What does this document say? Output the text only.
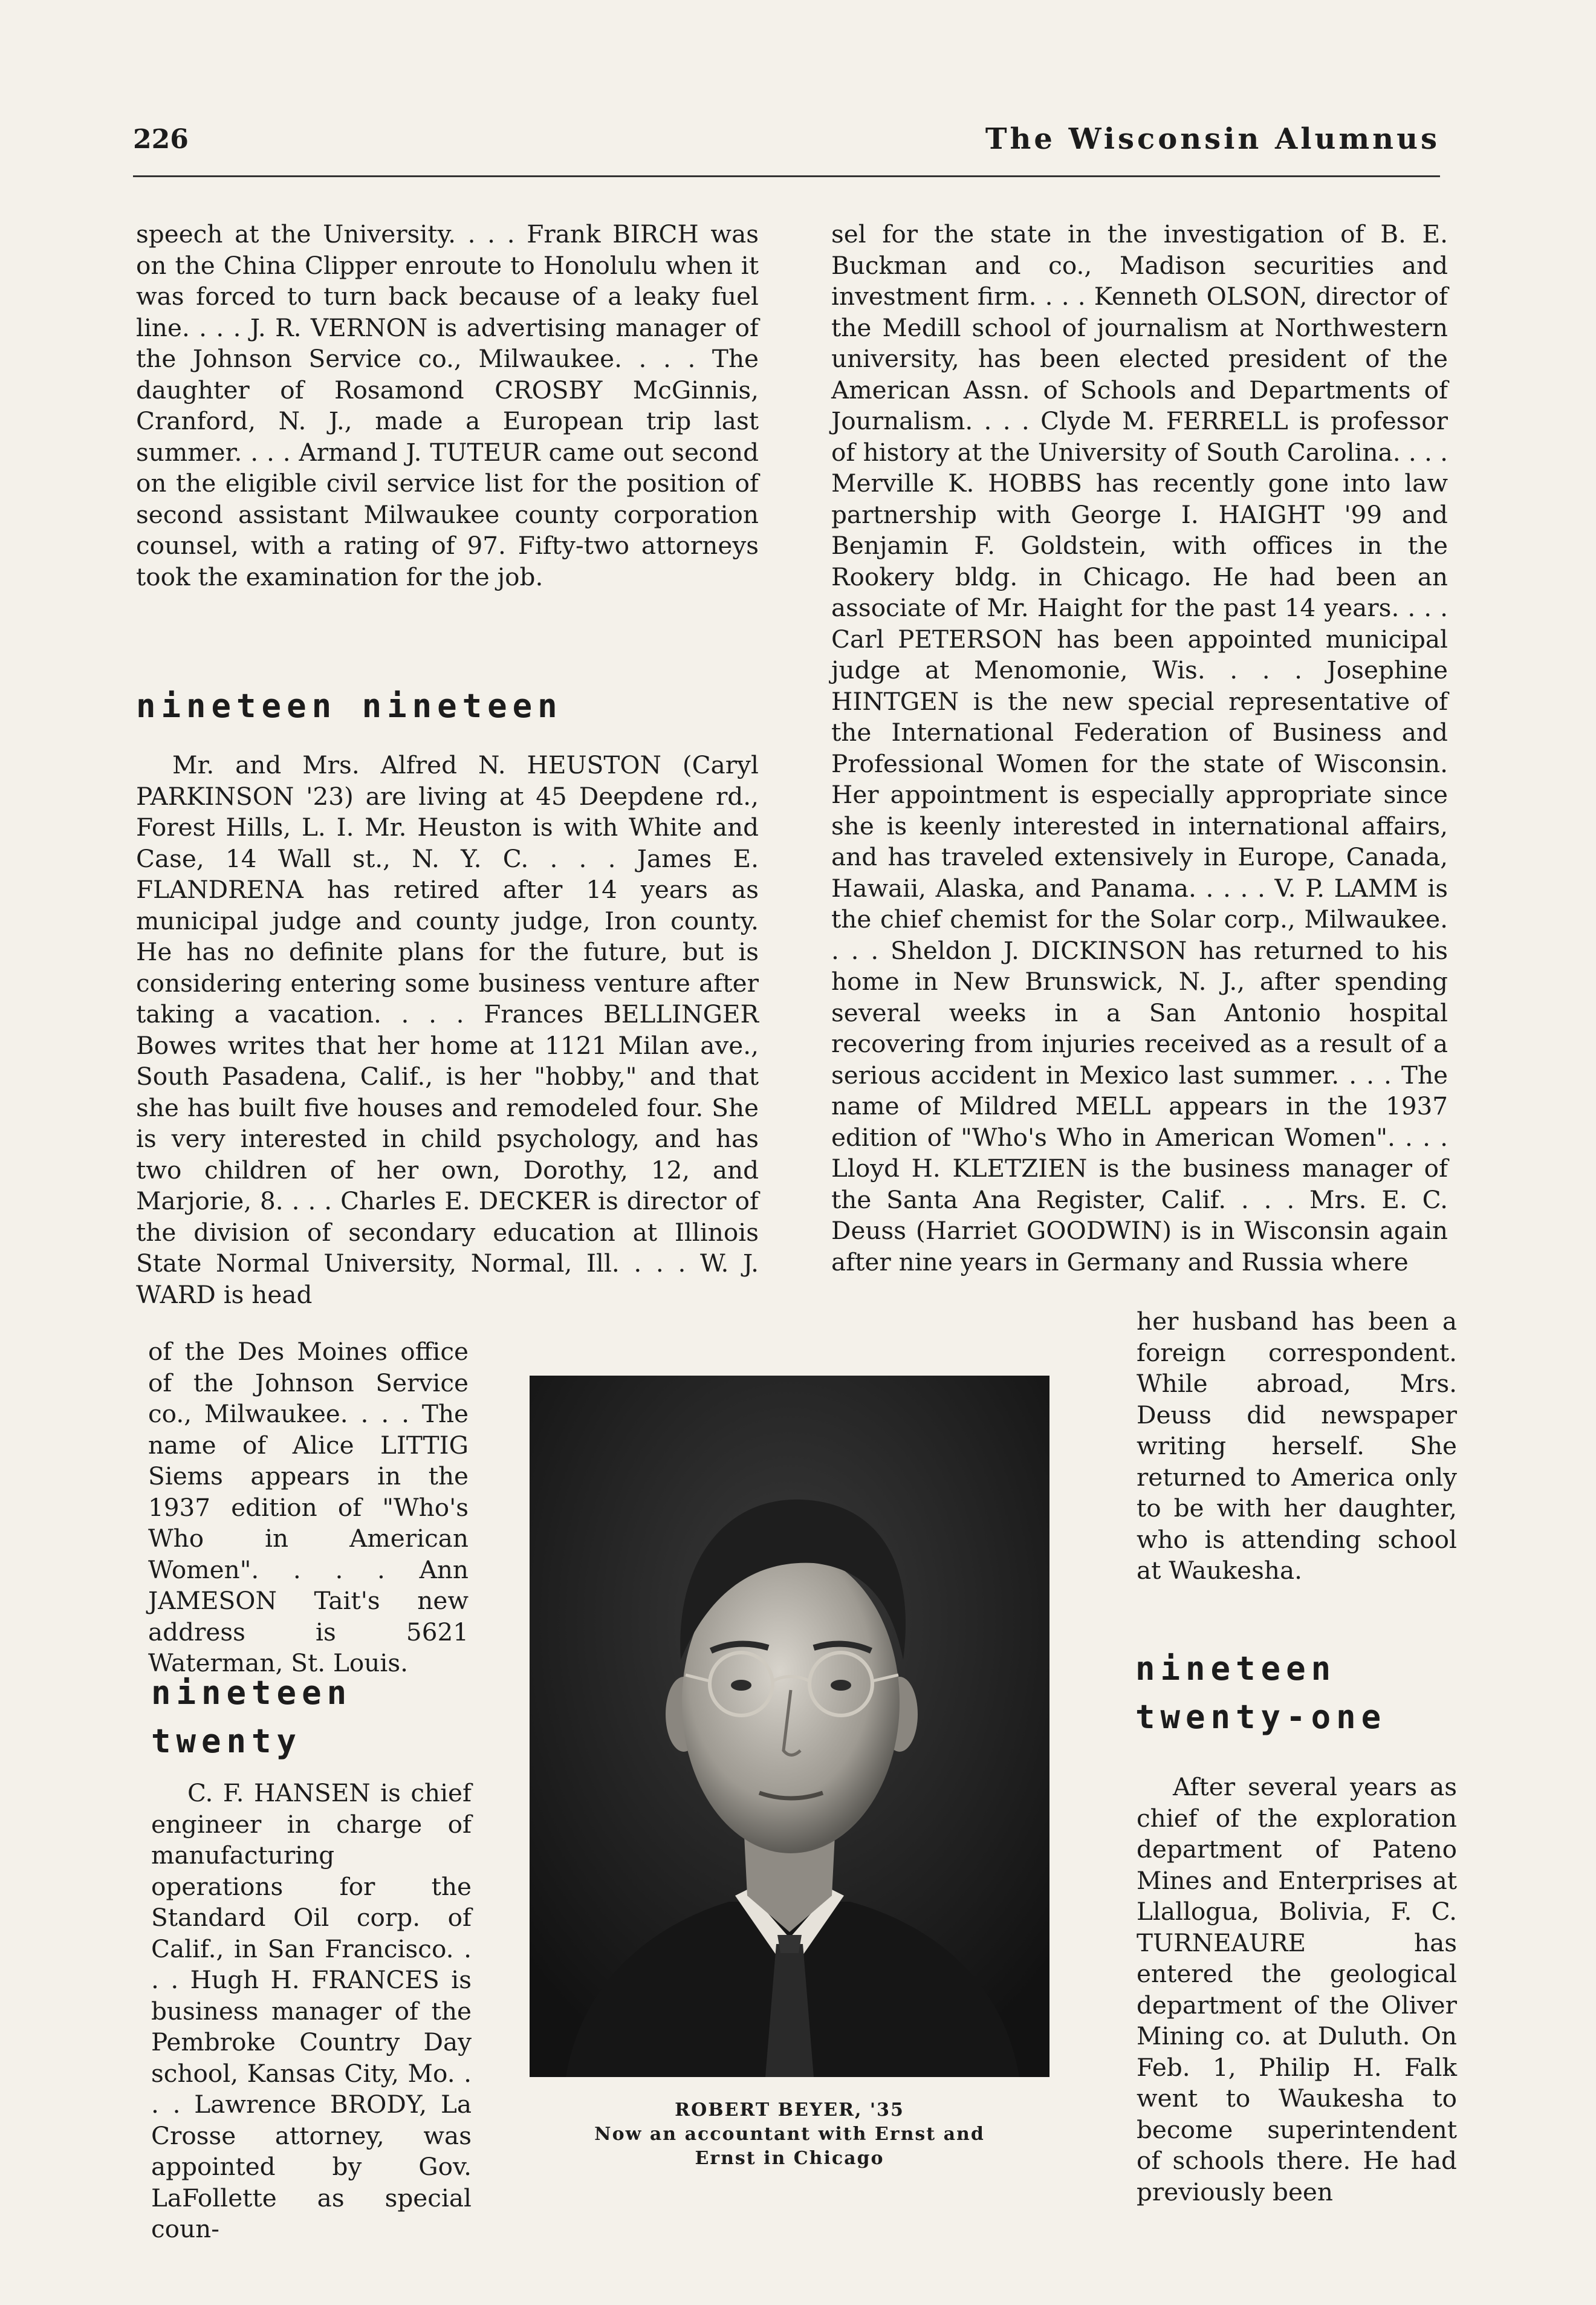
226	The Wisconsin Alumnus

speech at the University. . . . Frank BIRCH was on the China Clipper enroute to Honolulu when it was forced to turn back because of a leaky fuel line. . . . J. R. VERNON is advertising manager of the Johnson Service co., Milwaukee. . . . The daughter of Rosamond CROSBY McGinnis, Cranford, N. J., made a European trip last summer. . . . Armand J. TUTEUR came out second on the eligible civil service list for the position of second assistant Milwaukee county corporation counsel, with a rating of 97. Fifty-two attorneys took the examination for the job.

nineteen nineteen

Mr. and Mrs. Alfred N. HEUSTON (Caryl PARKINSON '23) are living at 45 Deepdene rd., Forest Hills, L. I. Mr. Heuston is with White and Case, 14 Wall st., N. Y. C. . . . James E. FLANDRENA has retired after 14 years as municipal judge and county judge, Iron county. He has no definite plans for the future, but is considering entering some business venture after taking a vacation. . . . Frances BELLINGER Bowes writes that her home at 1121 Milan ave., South Pasadena, Calif., is her "hobby," and that she has built five houses and remodeled four. She is very interested in child psychology, and has two children of her own, Dorothy, 12, and Marjorie, 8. . . . Charles E. DECKER is director of the division of secondary education at Illinois State Normal University, Normal, Ill. . . . W. J. WARD is head

of the Des Moines office of the Johnson Service co., Milwaukee. . . . The name of Alice LITTIG Siems appears in the 1937 edition of "Who's Who in American Women". . . . Ann JAMESON Tait's new address is 5621 Waterman, St. Louis.

nineteen twenty

C. F. HANSEN is chief engineer in charge of manufacturing operations for the Standard Oil corp. of Calif., in San Francisco. . . . Hugh H. FRANCES is business manager of the Pembroke Country Day school, Kansas City, Mo. . . . Lawrence BRODY, La Crosse attorney, was appointed by Gov. LaFollette as special coun-

sel for the state in the investigation of B. E. Buckman and co., Madison securities and investment firm. . . . Kenneth OLSON, director of the Medill school of journalism at Northwestern university, has been elected president of the American Assn. of Schools and Departments of Journalism. . . . Clyde M. FERRELL is professor of history at the University of South Carolina. . . . Merville K. HOBBS has recently gone into law partnership with George I. HAIGHT '99 and Benjamin F. Goldstein, with offices in the Rookery bldg. in Chicago. He had been an associate of Mr. Haight for the past 14 years. . . . Carl PETERSON has been appointed municipal judge at Menomonie, Wis. . . . Josephine HINTGEN is the new special representative of the International Federation of Business and Professional Women for the state of Wisconsin. Her appointment is especially appropriate since she is keenly interested in international affairs, and has traveled extensively in Europe, Canada, Hawaii, Alaska, and Panama. . . . . V. P. LAMM is the chief chemist for the Solar corp., Milwaukee. . . . Sheldon J. DICKINSON has returned to his home in New Brunswick, N. J., after spending several weeks in a San Antonio hospital recovering from injuries received as a result of a serious accident in Mexico last summer. . . . The name of Mildred MELL appears in the 1937 edition of "Who's Who in American Women". . . . Lloyd H. KLETZIEN is the business manager of the Santa Ana Register, Calif. . . . Mrs. E. C. Deuss (Harriet GOODWIN) is in Wisconsin again after nine years in Germany and Russia where

her husband has been a foreign correspondent. While abroad, Mrs. Deuss did newspaper writing herself. She returned to America only to be with her daughter, who is attending school at Waukesha.

nineteen twenty-one

After several years as chief of the exploration department of Pateno Mines and Enterprises at Llallogua, Bolivia, F. C. TURNEAURE has entered the geological department of the Oliver Mining co. at Duluth. On Feb. 1, Philip H. Falk went to Waukesha to become superintendent of schools there. He had previously been

ROBERT BEYER, '35
Now an accountant with Ernst and
Ernst in Chicago
